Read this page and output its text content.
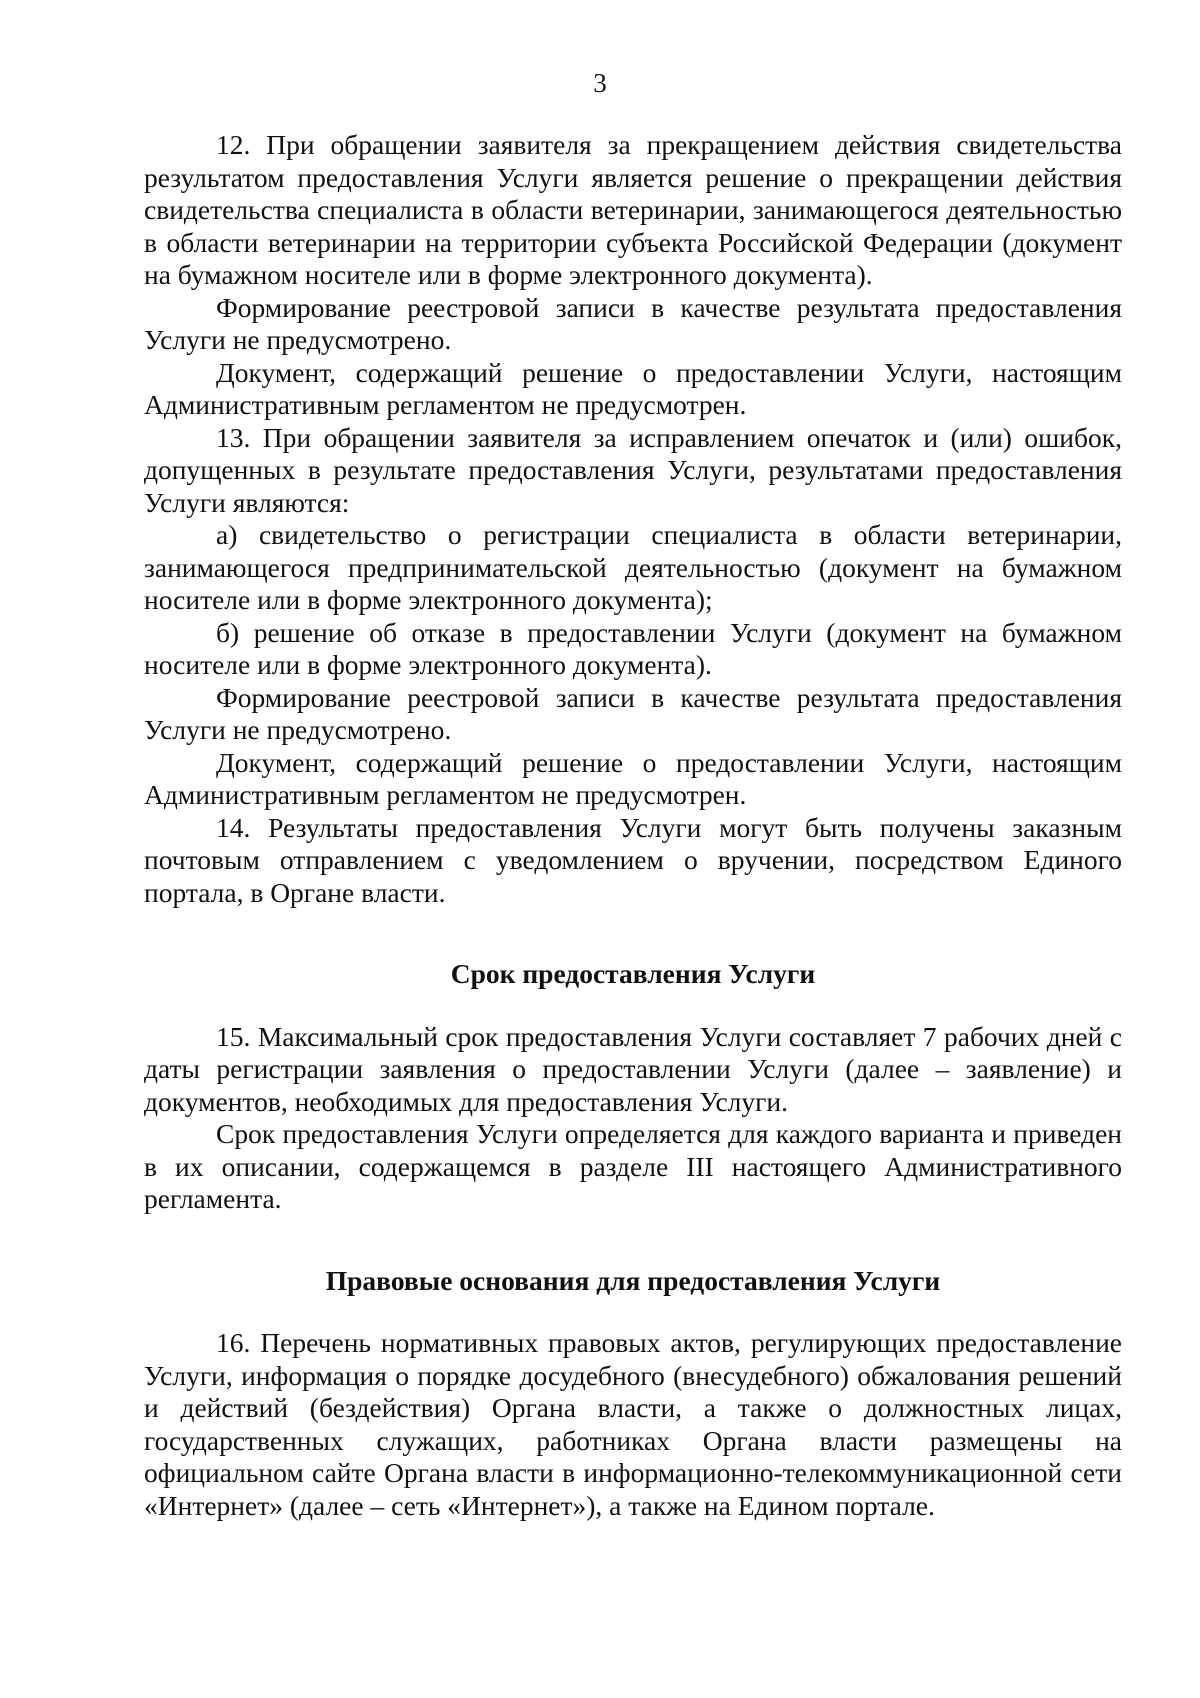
3

12. При обращении заявителя за прекращением действия свидетельства результатом предоставления Услуги является решение о прекращении действия свидетельства специалиста в области ветеринарии, занимающегося деятельностью в области ветеринарии на территории субъекта Российской Федерации (документ на бумажном носителе или в форме электронного документа).

Формирование реестровой записи в качестве результата предоставления Услуги не предусмотрено.

Документ, содержащий решение о предоставлении Услуги, настоящим Административным регламентом не предусмотрен.

13. При обращении заявителя за исправлением опечаток и (или) ошибок, допущенных в результате предоставления Услуги, результатами предоставления Услуги являются:

а) свидетельство о регистрации специалиста в области ветеринарии, занимающегося предпринимательской деятельностью (документ на бумажном носителе или в форме электронного документа);

б) решение об отказе в предоставлении Услуги (документ на бумажном носителе или в форме электронного документа).

Формирование реестровой записи в качестве результата предоставления Услуги не предусмотрено.

Документ, содержащий решение о предоставлении Услуги, настоящим Административным регламентом не предусмотрен.

14. Результаты предоставления Услуги могут быть получены заказным почтовым отправлением с уведомлением о вручении, посредством Единого портала, в Органе власти.

Срок предоставления Услуги

15. Максимальный срок предоставления Услуги составляет 7 рабочих дней с даты регистрации заявления о предоставлении Услуги (далее – заявление) и документов, необходимых для предоставления Услуги.

Срок предоставления Услуги определяется для каждого варианта и приведен в их описании, содержащемся в разделе III настоящего Административного регламента.

Правовые основания для предоставления Услуги

16. Перечень нормативных правовых актов, регулирующих предоставление Услуги, информация о порядке досудебного (внесудебного) обжалования решений и действий (бездействия) Органа власти, а также о должностных лицах, государственных служащих, работниках Органа власти размещены на официальном сайте Органа власти в информационно-телекоммуникационной сети «Интернет» (далее – сеть «Интернет»), а также на Едином портале.
